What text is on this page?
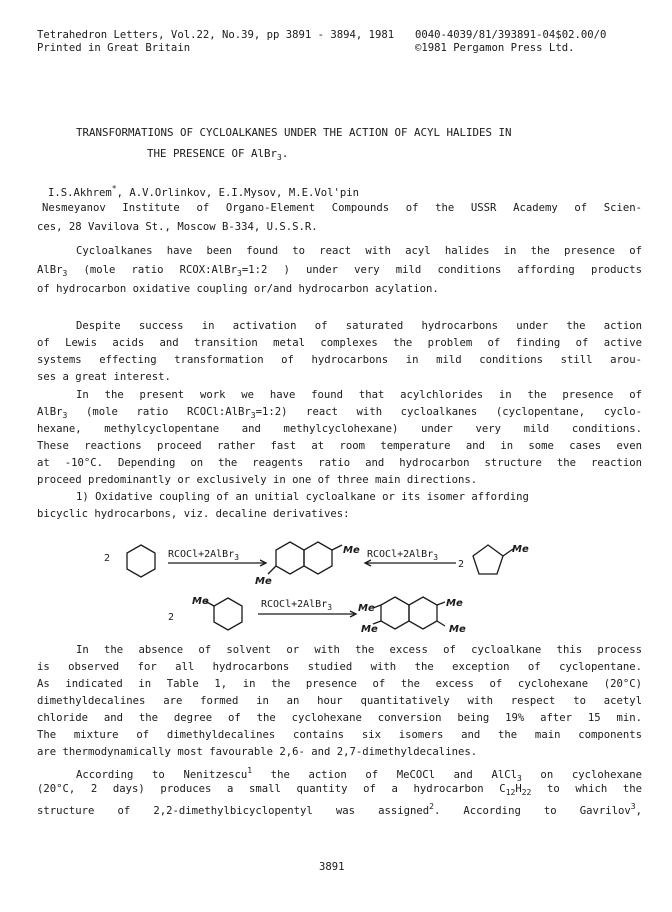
Tetrahedron Letters, Vol.22, No.39, pp 3891 - 3894, 1981
Printed in Great Britain
0040-4039/81/393891-04$02.00/0
©1981 Pergamon Press Ltd.
TRANSFORMATIONS OF CYCLOALKANES UNDER THE ACTION OF ACYL HALIDES IN
THE PRESENCE OF AlBr$_3$.
I.S.Akhrem*, A.V.Orlinkov, E.I.Mysov, M.E.Vol'pin
Nesmeyanov Institute of Organo-Element Compounds of the USSR Academy of Scien-
ces, 28 Vavilova St., Moscow B-334, U.S.S.R.
Cycloalkanes have been found to react with acyl halides in the presence of
AlBr$_3$ (mole ratio RCOX:AlBr$_3$=1:2 ) under very mild conditions affording products
of hydrocarbon oxidative coupling or/and hydrocarbon acylation.
Despite success in activation of saturated hydrocarbons under the action
of Lewis acids and transition metal complexes the problem of finding of active
systems effecting transformation of hydrocarbons in mild conditions still arou-
ses a great interest.
In the present work we have found that acylchlorides in the presence of
AlBr$_3$ (mole ratio RCOCl:AlBr$_3$=1:2) react with cycloalkanes (cyclopentane, cyclo-
hexane, methylcyclopentane and methylcyclohexane) under very mild conditions.
These reactions proceed rather fast at room temperature and in some cases even
at -10°C. Depending on the reagents ratio and hydrocarbon structure the reaction
proceed predominantly or exclusively in one of three main directions.
1) Oxidative coupling of an unitial cycloalkane or its isomer affording
bicyclic hydrocarbons, viz. decaline derivatives:
2	RCOCl+2AlBr$_3$
Me
Me
RCOCl+2AlBr$_3$
2
Me
2
Me	RCOCl+2AlBr$_3$	Me
Me
Me
Me
In the absence of solvent or with the excess of cycloalkane this process
is observed for all hydrocarbons studied with the exception of cyclopentane.
As indicated in Table 1, in the presence of the excess of cyclohexane (20°C)
dimethyldecalines are formed in an hour quantitatively with respect to acetyl
chloride and the degree of the cyclohexane conversion being 19% after 15 min.
The mixture of dimethyldecalines contains six isomers and the main components
are thermodynamically most favourable 2,6- and 2,7-dimethyldecalines.
According to Nenitzescu$^1$ the action of MeCOCl and AlCl$_3$ on cyclohexane
(20°C, 2 days) produces a small quantity of a hydrocarbon $C_{12}H_{22}$ to which the
structure of 2,2-dimethylbicyclopentyl was assigned$^2$. According to Gavrilov$^3$,
3891
